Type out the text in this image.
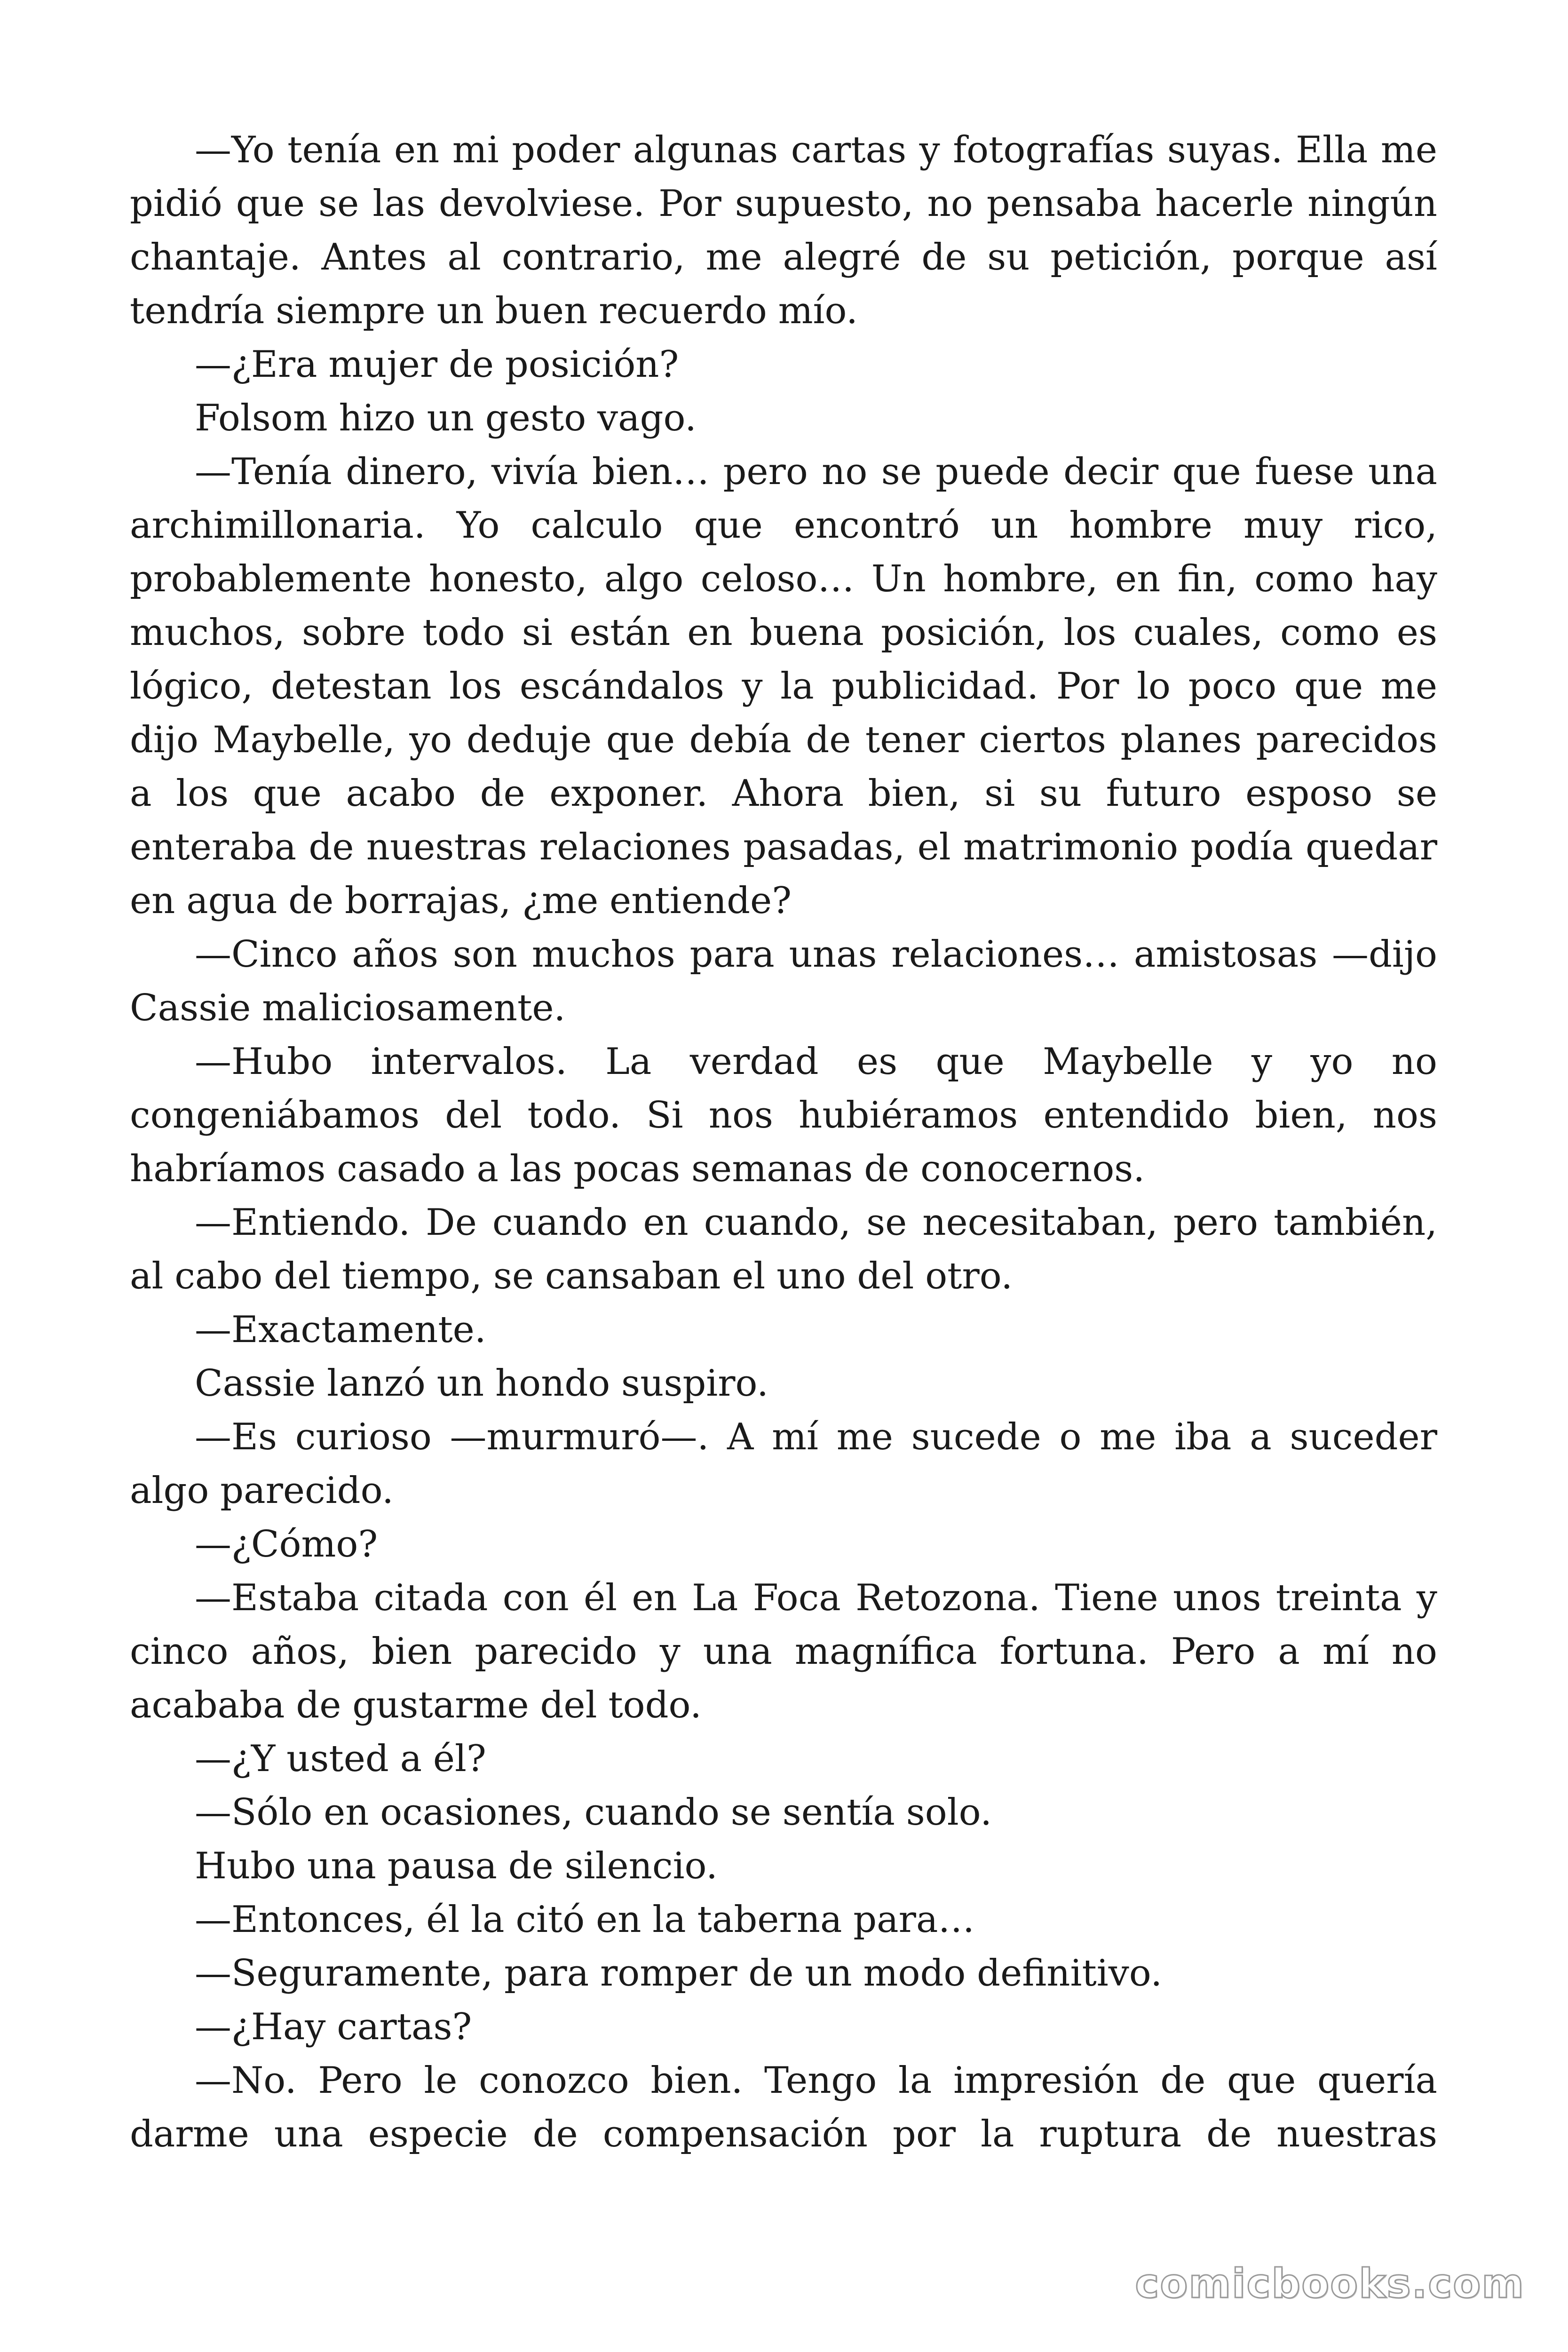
—Yo tenía en mi poder algunas cartas y fotografías suyas. Ella me pidió que se las devolviese. Por supuesto, no pensaba hacerle ningún chantaje. Antes al contrario, me alegré de su petición, porque así tendría siempre un buen recuerdo mío.

—¿Era mujer de posición?

Folsom hizo un gesto vago.

—Tenía dinero, vivía bien… pero no se puede decir que fuese una archimillonaria. Yo calculo que encontró un hombre muy rico, probablemente honesto, algo celoso… Un hombre, en fin, como hay muchos, sobre todo si están en buena posición, los cuales, como es lógico, detestan los escándalos y la publicidad. Por lo poco que me dijo Maybelle, yo deduje que debía de tener ciertos planes parecidos a los que acabo de exponer. Ahora bien, si su futuro esposo se enteraba de nuestras relaciones pasadas, el matrimonio podía quedar en agua de borrajas, ¿me entiende?

—Cinco años son muchos para unas relaciones… amistosas —dijo Cassie maliciosamente.

—Hubo intervalos. La verdad es que Maybelle y yo no congeniábamos del todo. Si nos hubiéramos entendido bien, nos habríamos casado a las pocas semanas de conocernos.

—Entiendo. De cuando en cuando, se necesitaban, pero también, al cabo del tiempo, se cansaban el uno del otro.

—Exactamente.

Cassie lanzó un hondo suspiro.

—Es curioso —murmuró—. A mí me sucede o me iba a suceder algo parecido.

—¿Cómo?

—Estaba citada con él en La Foca Retozona. Tiene unos treinta y cinco años, bien parecido y una magnífica fortuna. Pero a mí no acababa de gustarme del todo.

—¿Y usted a él?

—Sólo en ocasiones, cuando se sentía solo.

Hubo una pausa de silencio.

—Entonces, él la citó en la taberna para…

—Seguramente, para romper de un modo definitivo.

—¿Hay cartas?

—No. Pero le conozco bien. Tengo la impresión de que quería darme una especie de compensación por la ruptura de nuestras

comicbooks.com
